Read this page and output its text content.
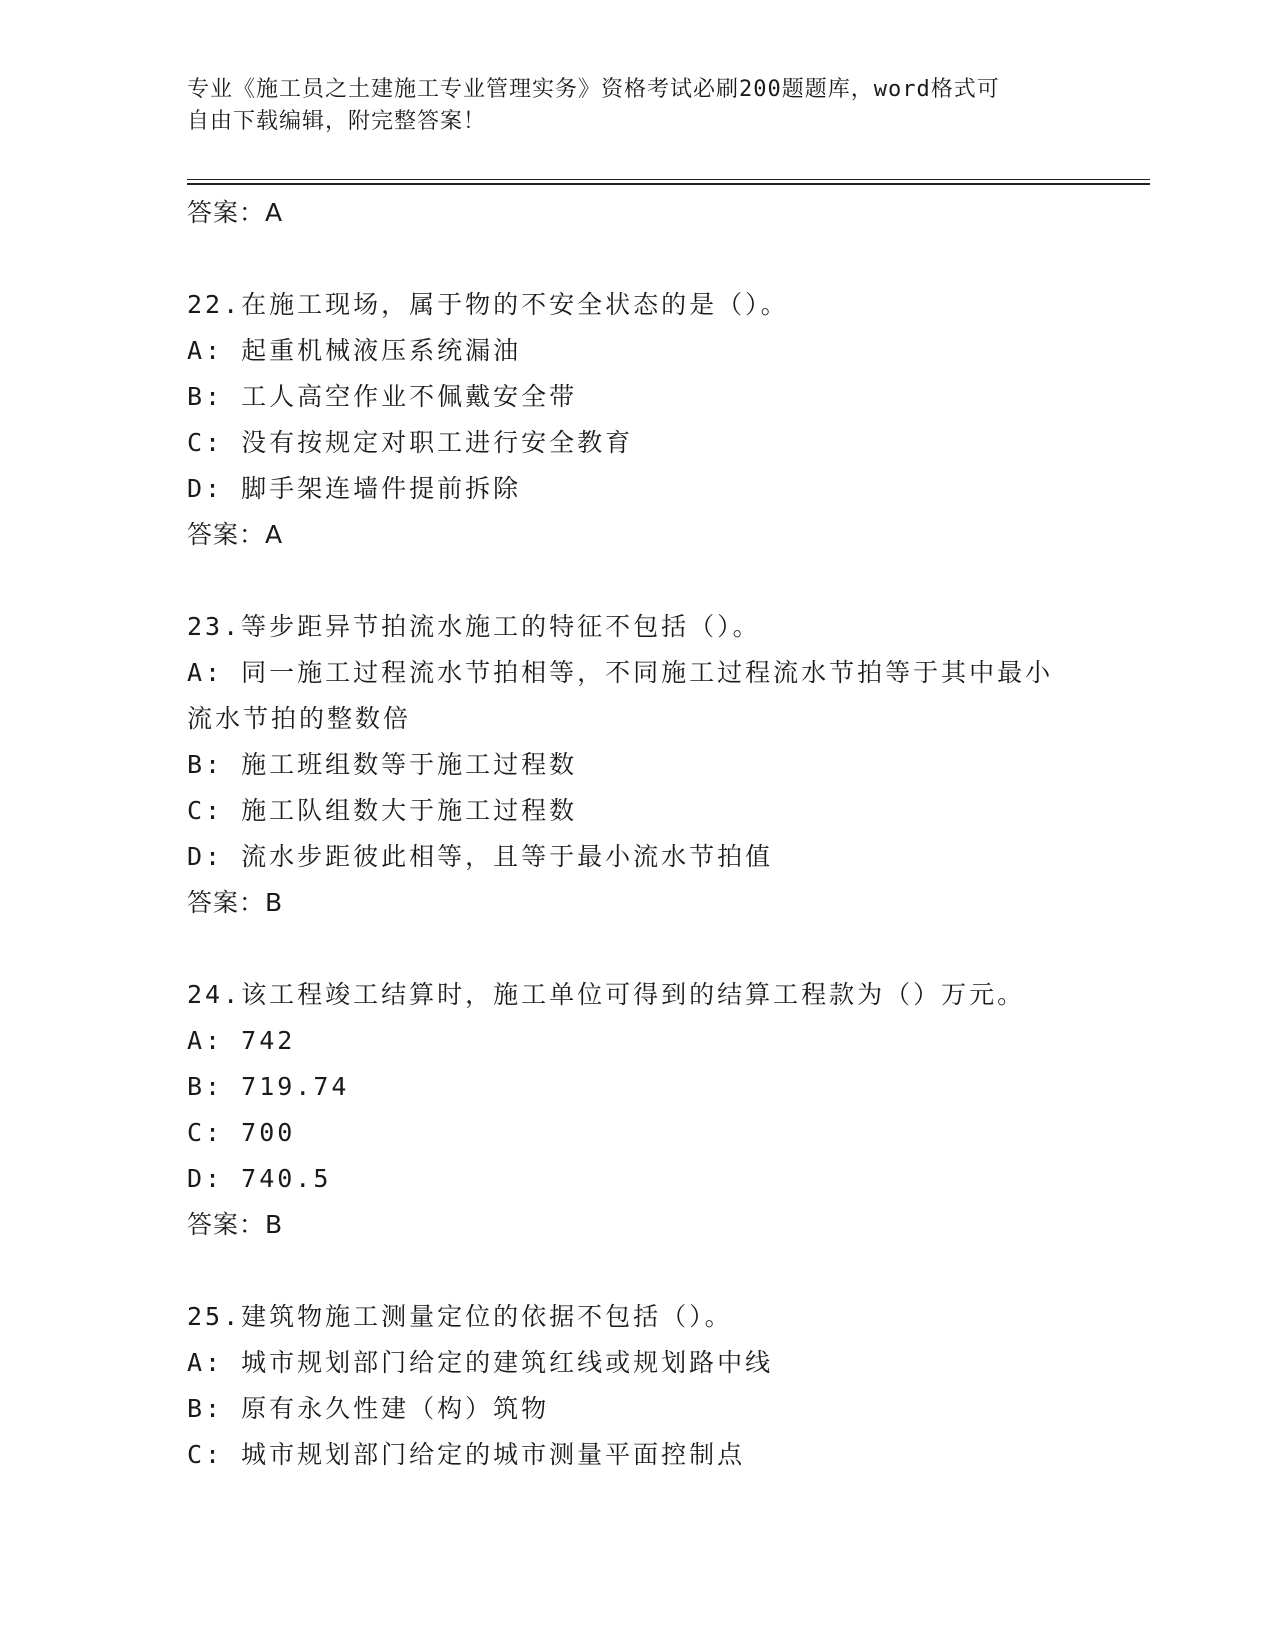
专业《施工员之土建施工专业管理实务》资格考试必刷200题题库，word格式可
自由下载编辑，附完整答案！
答案：A
22.在施工现场，属于物的不安全状态的是（）。
A: 起重机械液压系统漏油
B: 工人高空作业不佩戴安全带
C: 没有按规定对职工进行安全教育
D: 脚手架连墙件提前拆除
答案：A
23.等步距异节拍流水施工的特征不包括（）。
A: 同一施工过程流水节拍相等，不同施工过程流水节拍等于其中最小
流水节拍的整数倍
B: 施工班组数等于施工过程数
C: 施工队组数大于施工过程数
D: 流水步距彼此相等，且等于最小流水节拍值
答案：B
24.该工程竣工结算时，施工单位可得到的结算工程款为（）万元。
A: 742
B: 719.74
C: 700
D: 740.5
答案：B
25.建筑物施工测量定位的依据不包括（）。
A: 城市规划部门给定的建筑红线或规划路中线
B: 原有永久性建（构）筑物
C: 城市规划部门给定的城市测量平面控制点
